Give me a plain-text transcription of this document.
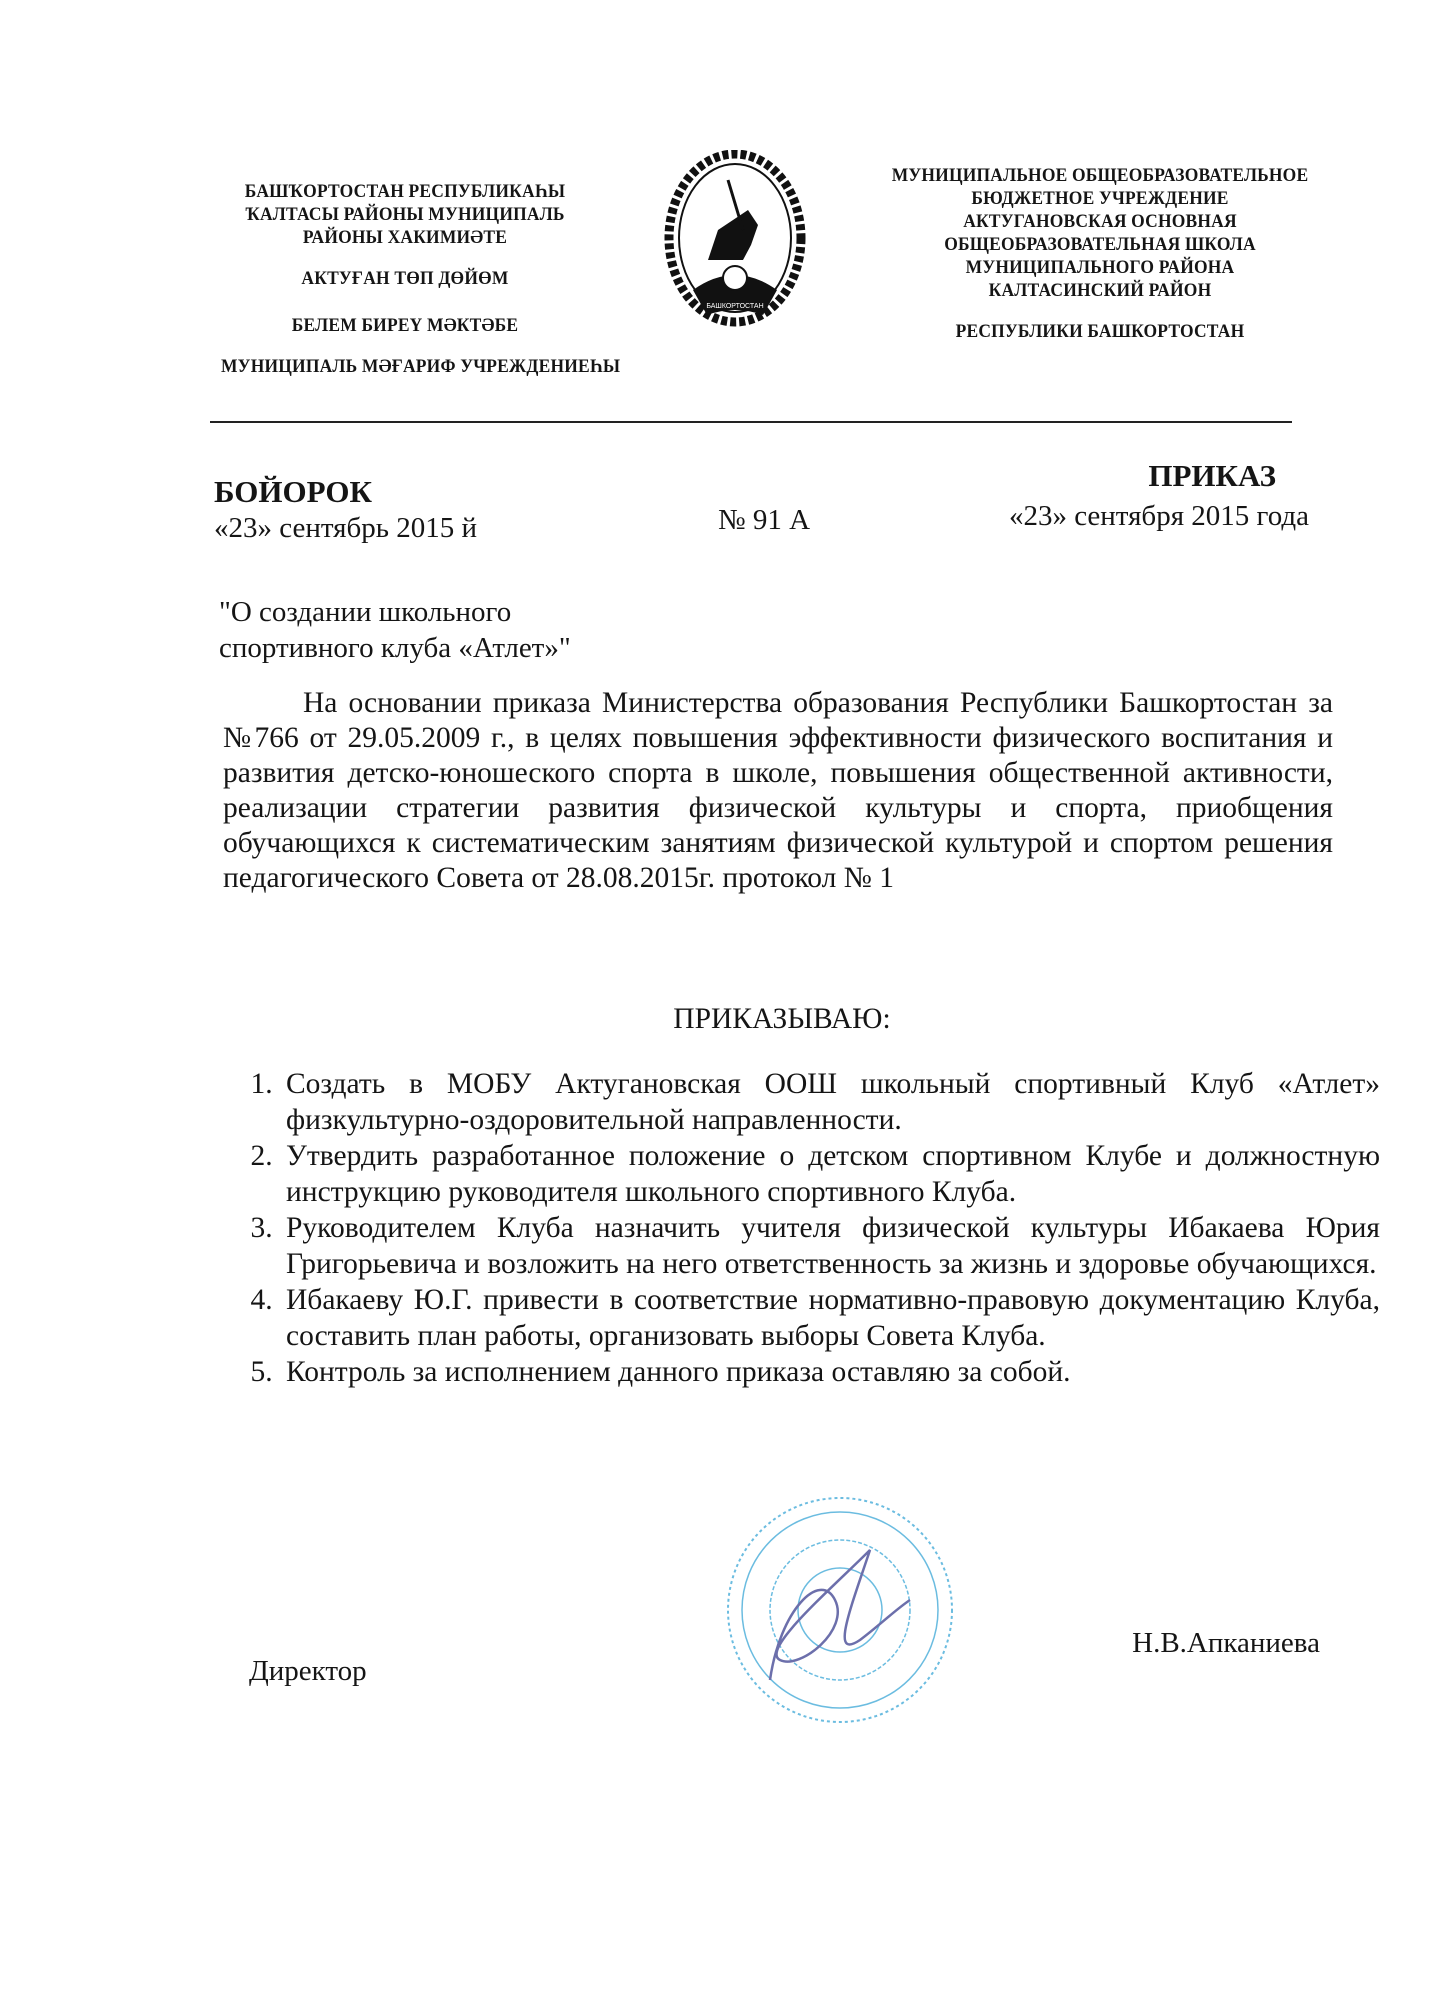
БАШҠОРТОСТАН РЕСПУБЛИКАҺЫ
ҠАЛТАСЫ РАЙОНЫ МУНИЦИПАЛЬ
РАЙОНЫ ХАКИМИӘТЕ
АКТУҒАН ТӨП ДӨЙӨМ
БЕЛЕМ БИРЕҮ МӘКТӘБЕ
МУНИЦИПАЛЬ МӘҒАРИФ УЧРЕЖДЕНИЕҺЫ
БАШКОРТОСТАН
МУНИЦИПАЛЬНОЕ ОБЩЕОБРАЗОВАТЕЛЬНОЕ
БЮДЖЕТНОЕ УЧРЕЖДЕНИЕ
АКТУГАНОВСКАЯ ОСНОВНАЯ
ОБЩЕОБРАЗОВАТЕЛЬНАЯ ШКОЛА
МУНИЦИПАЛЬНОГО РАЙОНА
КАЛТАСИНСКИЙ РАЙОН
РЕСПУБЛИКИ БАШКОРТОСТАН
БОЙОРОК	ПРИКАЗ
«23» сентябрь 2015 й	№ 91 А	«23» сентября 2015 года
"О создании школьного
спортивного клуба «Атлет»"
На основании приказа Министерства образования Республики Башкортостан за №766 от 29.05.2009 г., в целях повышения эффективности физического воспитания и развития детско-юношеского спорта в школе, повышения общественной активности, реализации стратегии развития физической культуры и спорта, приобщения обучающихся к систематическим занятиям физической культурой и спортом решения педагогического Совета от 28.08.2015г. протокол № 1
ПРИКАЗЫВАЮ:
1. Создать в МОБУ Актугановская ООШ школьный спортивный Клуб «Атлет» физкультурно-оздоровительной направленности.
2. Утвердить разработанное положение о детском спортивном Клубе и должностную инструкцию руководителя школьного спортивного Клуба.
3. Руководителем Клуба назначить учителя физической культуры Ибакаева Юрия Григорьевича и возложить на него ответственность за жизнь и здоровье обучающихся.
4. Ибакаеву Ю.Г. привести в соответствие нормативно-правовую документацию Клуба, составить план работы, организовать выборы Совета Клуба.
5. Контроль за исполнением данного приказа оставляю за собой.
Директор
Н.В.Апканиева
